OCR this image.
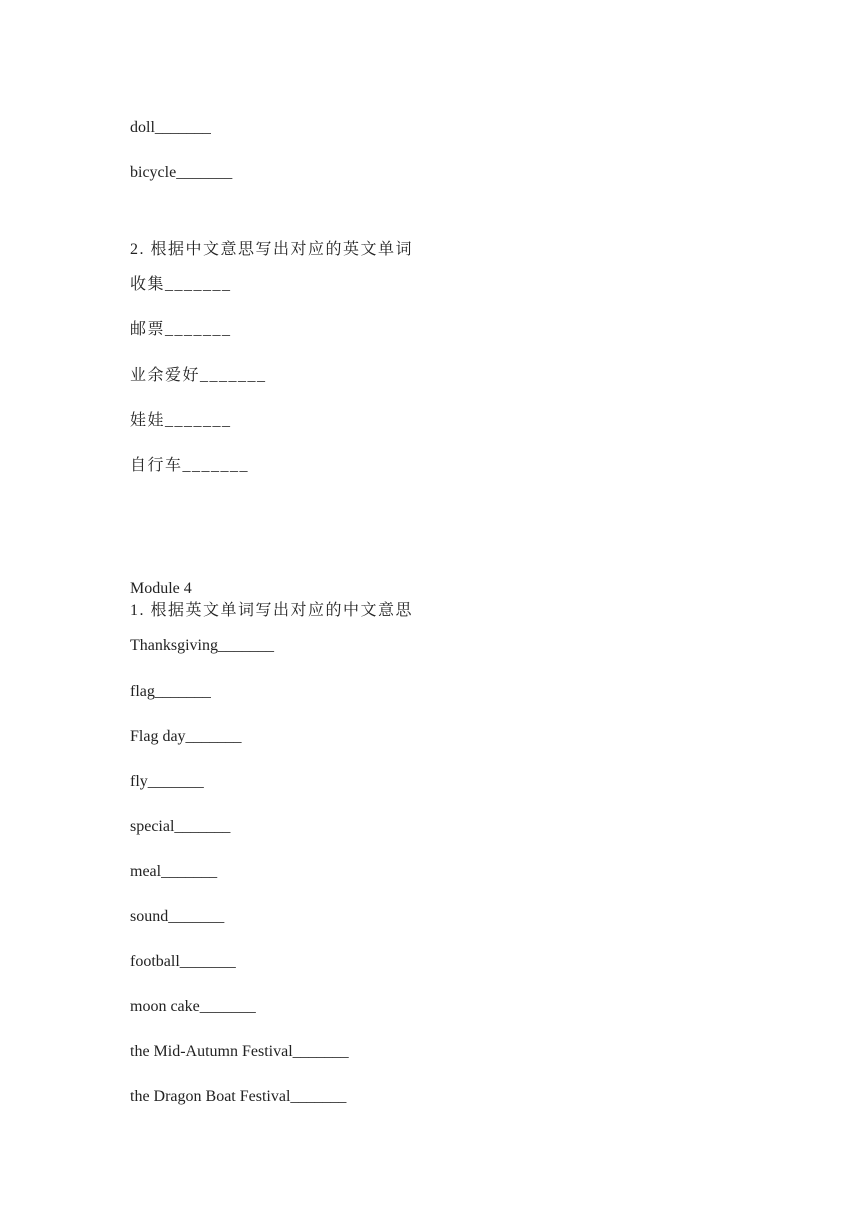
doll_______
bicycle_______
2. 根据中文意思写出对应的英文单词
收集_______
邮票_______
业余爱好_______
娃娃_______
自行车_______
Module 4
1. 根据英文单词写出对应的中文意思
Thanksgiving_______
flag_______
Flag day_______
fly_______
special_______
meal_______
sound_______
football_______
moon cake_______
the Mid-Autumn Festival_______
the Dragon Boat Festival_______
